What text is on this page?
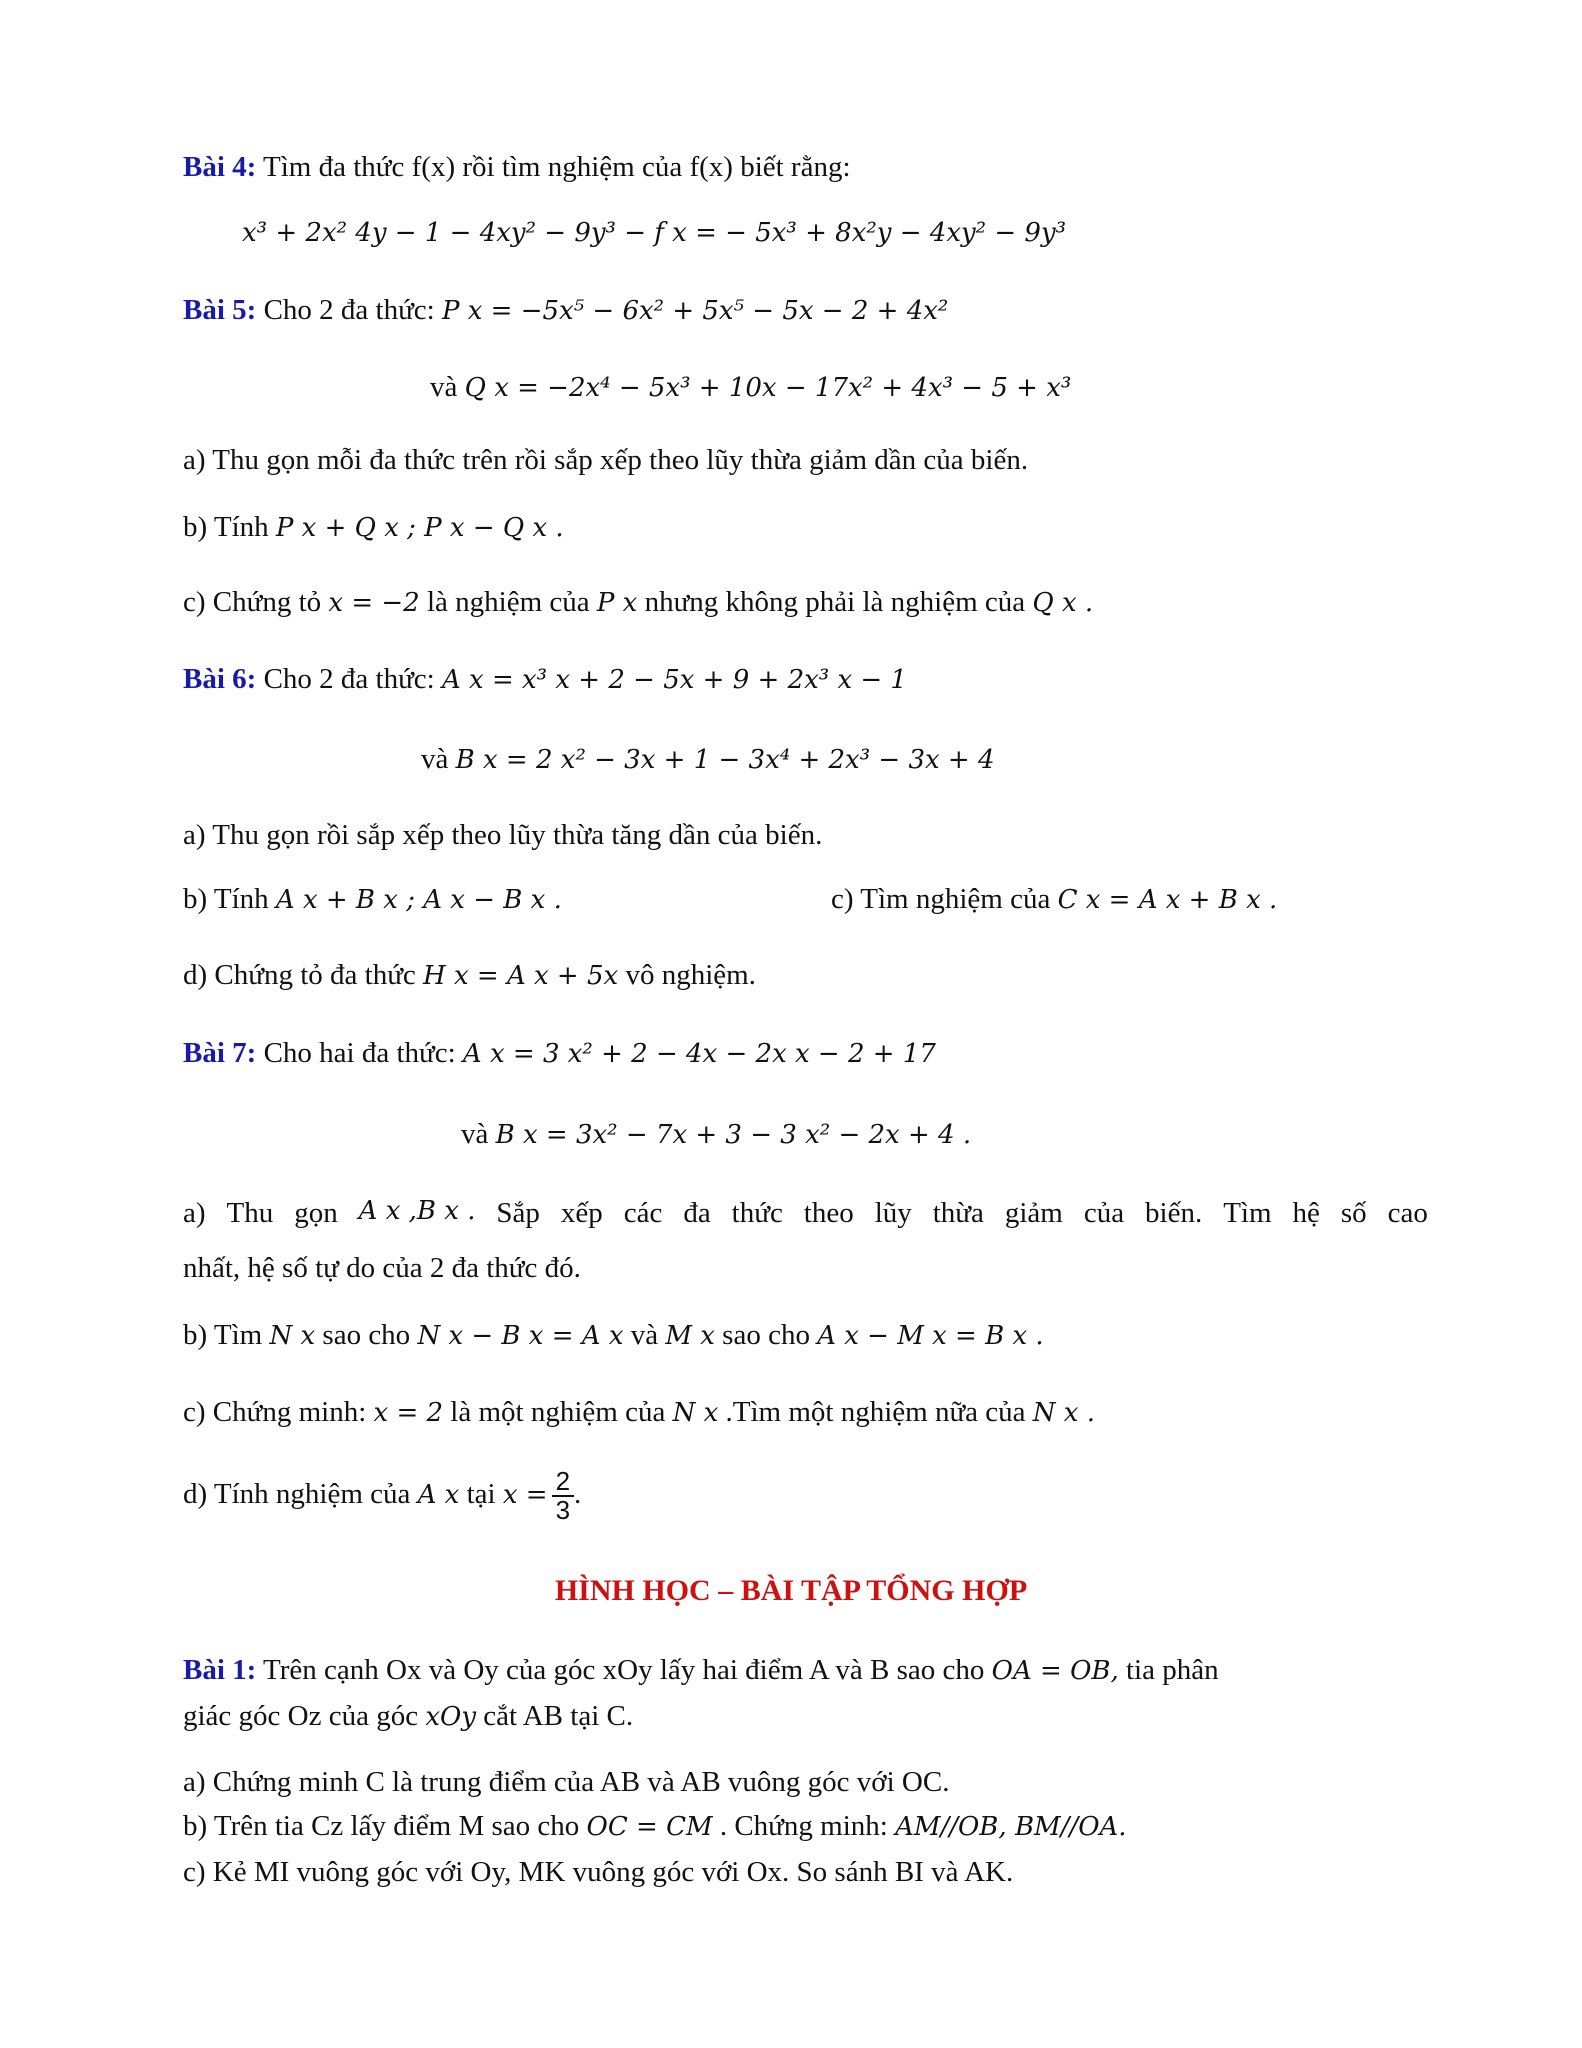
Bài 4: Tìm đa thức f(x) rồi tìm nghiệm của f(x) biết rằng:
x³ + 2x² 4y − 1 − 4xy² − 9y³ − f x = − 5x³ + 8x²y − 4xy² − 9y³
Bài 5: Cho 2 đa thức: P x = −5x⁵ − 6x² + 5x⁵ − 5x − 2 + 4x²
và Q x = −2x⁴ − 5x³ + 10x − 17x² + 4x³ − 5 + x³
a) Thu gọn mỗi đa thức trên rồi sắp xếp theo lũy thừa giảm dần của biến.
b) Tính P x + Q x ; P x − Q x .
c) Chứng tỏ x = −2 là nghiệm của P x nhưng không phải là nghiệm của Q x .
Bài 6: Cho 2 đa thức: A x = x³ x + 2 − 5x + 9 + 2x³ x − 1
và B x = 2 x² − 3x + 1 − 3x⁴ + 2x³ − 3x + 4
a) Thu gọn rồi sắp xếp theo lũy thừa tăng dần của biến.
b) Tính A x + B x ; A x − B x .	c) Tìm nghiệm của C x = A x + B x .
d) Chứng tỏ đa thức H x = A x + 5x vô nghiệm.
Bài 7: Cho hai đa thức: A x = 3 x² + 2 − 4x − 2x x − 2 + 17
và B x = 3x² − 7x + 3 − 3 x² − 2x + 4 .
a) Thu gọn A x ,B x . Sắp xếp các đa thức theo lũy thừa giảm của biến. Tìm hệ số cao
nhất, hệ số tự do của 2 đa thức đó.
b) Tìm N x sao cho N x − B x = A x và M x sao cho A x − M x = B x .
c) Chứng minh: x = 2 là một nghiệm của N x .Tìm một nghiệm nữa của N x .
d) Tính nghiệm của A x tại $x = \frac{2}{3}$ .
HÌNH HỌC – BÀI TẬP TỔNG HỢP
Bài 1: Trên cạnh Ox và Oy của góc xOy lấy hai điểm A và B sao cho OA = OB, tia phân
giác góc Oz của góc xOy cắt AB tại C.
a) Chứng minh C là trung điểm của AB và AB vuông góc với OC.
b) Trên tia Cz lấy điểm M sao cho OC = CM . Chứng minh: AM//OB, BM//OA.
c) Kẻ MI vuông góc với Oy, MK vuông góc với Ox. So sánh BI và AK.
